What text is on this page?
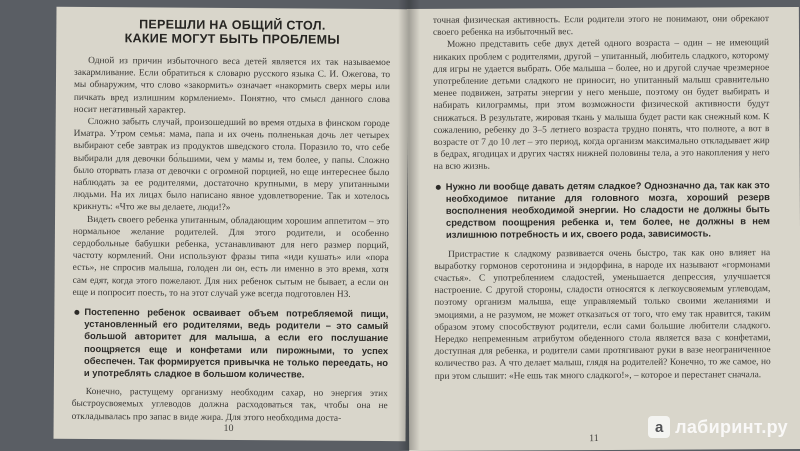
ПЕРЕШЛИ НА ОБЩИЙ СТОЛ.
КАКИЕ МОГУТ БЫТЬ ПРОБЛЕМЫ

Одной из причин избыточного веса детей является их так называемое закармливание. Если обратиться к словарю русского языка С. И. Ожегова, то мы обнаружим, что слово «закормить» означает «накормить сверх меры или пичкать вред излишним кормлением». Понятно, что смысл данного слова носит негативный характер.

Сложно забыть случай, произошедший во время отдыха в финском городе Иматра. Утром семья: мама, папа и их очень полненькая дочь лет четырех выбирают себе завтрак из продуктов шведского стола. Поразило то, что себе выбирали для девочки бо́льшими, чем у мамы и, тем более, у папы. Сложно было оторвать глаза от девочки с огромной порцией, но еще интереснее было наблюдать за ее родителями, достаточно крупными, в меру упитанными людьми. На их лицах было написано явное удовлетворение. Так и хотелось крикнуть: «Что же вы делаете, люди!?»

Видеть своего ребенка упитанным, обладающим хорошим аппетитом – это нормальное желание родителей. Для этого родители, и особенно сердобольные бабушки ребенка, устанавливают для него размер порций, частоту кормлений. Они используют фразы типа «иди кушать» или «пора есть», не спросив малыша, голоден ли он, есть ли именно в это время, хотя сам едят, когда этого пожелают. Для них ребенок сытым не бывает, а если он еще и попросит поесть, то на этот случай уже всегда подготовлен НЗ.

Постепенно ребенок осваивает объем потребляемой пищи, установленный его родителями, ведь родители – это самый большой авторитет для малыша, а если его послушание поощряется еще и конфетами или пирожными, то успех обеспечен. Так формируется привычка не только переедать, но и употреблять сладкое в большом количестве.

Конечно, растущему организму необходим сахар, но энергия этих быстроусвояемых углеводов должна расходоваться так, чтобы она не откладывалась про запас в виде жира. Для этого необходима доста-

10

точная физическая активность. Если родители этого не понимают, они обрекают своего ребенка на избыточный вес.

Можно представить себе двух детей одного возраста – один – не имеющий никаких проблем с родителями, другой – упитанный, любитель сладкого, которому для игры не удается выбрать. Обе малыша – более, но и другой случае чрезмерное употребление детьми сладкого не приносит, но упитанный малыш сравнительно менее подвижен, затраты энергии у него меньше, поэтому он будет выбирать и набирать килограммы, при этом возможности физической активности будут снижаться. В результате, жировая ткань у малыша будет расти как снежный ком. К сожалению, ребенку до 3–5 летнего возраста трудно понять, что полноте, а вот в возрасте от 7 до 10 лет – это период, когда организм максимально откладывает жир в бедрах, ягодицах и других частях нижней половины тела, а это накопления у него на всю жизнь.

Нужно ли вообще давать детям сладкое? Однозначно да, так как это необходимое питание для головного мозга, хороший резерв восполнения необходимой энергии. Но сладости не должны быть средством поощрения ребенка и, тем более, не должны в нем излишнюю потребность и их, своего рода, зависимость.

Пристрастие к сладкому развивается очень быстро, так как оно влияет на выработку гормонов серотонина и эндорфина, в народе их называют «гормонами счастья». С употреблением сладостей, уменьшается депрессия, улучшается настроение. С другой стороны, сладости относятся к легкоусвояемым углеводам, поэтому организм малыша, еще управляемый только своими желаниями и эмоциями, а не разумом, не может отказаться от того, что ему так нравится, таким образом этому способствуют родители, если сами большие любители сладкого. Нередко непременным атрибутом обеденного стола является ваза с конфетами, доступная для ребенка, и родители сами протягивают руки в вазе неограниченное количество раз. А что делает малыш, глядя на родителей? Конечно, то же самое, но при этом слышит: «Не ешь так много сладкого!», – которое и перестанет сначала.

11
a лабиринт.ру
